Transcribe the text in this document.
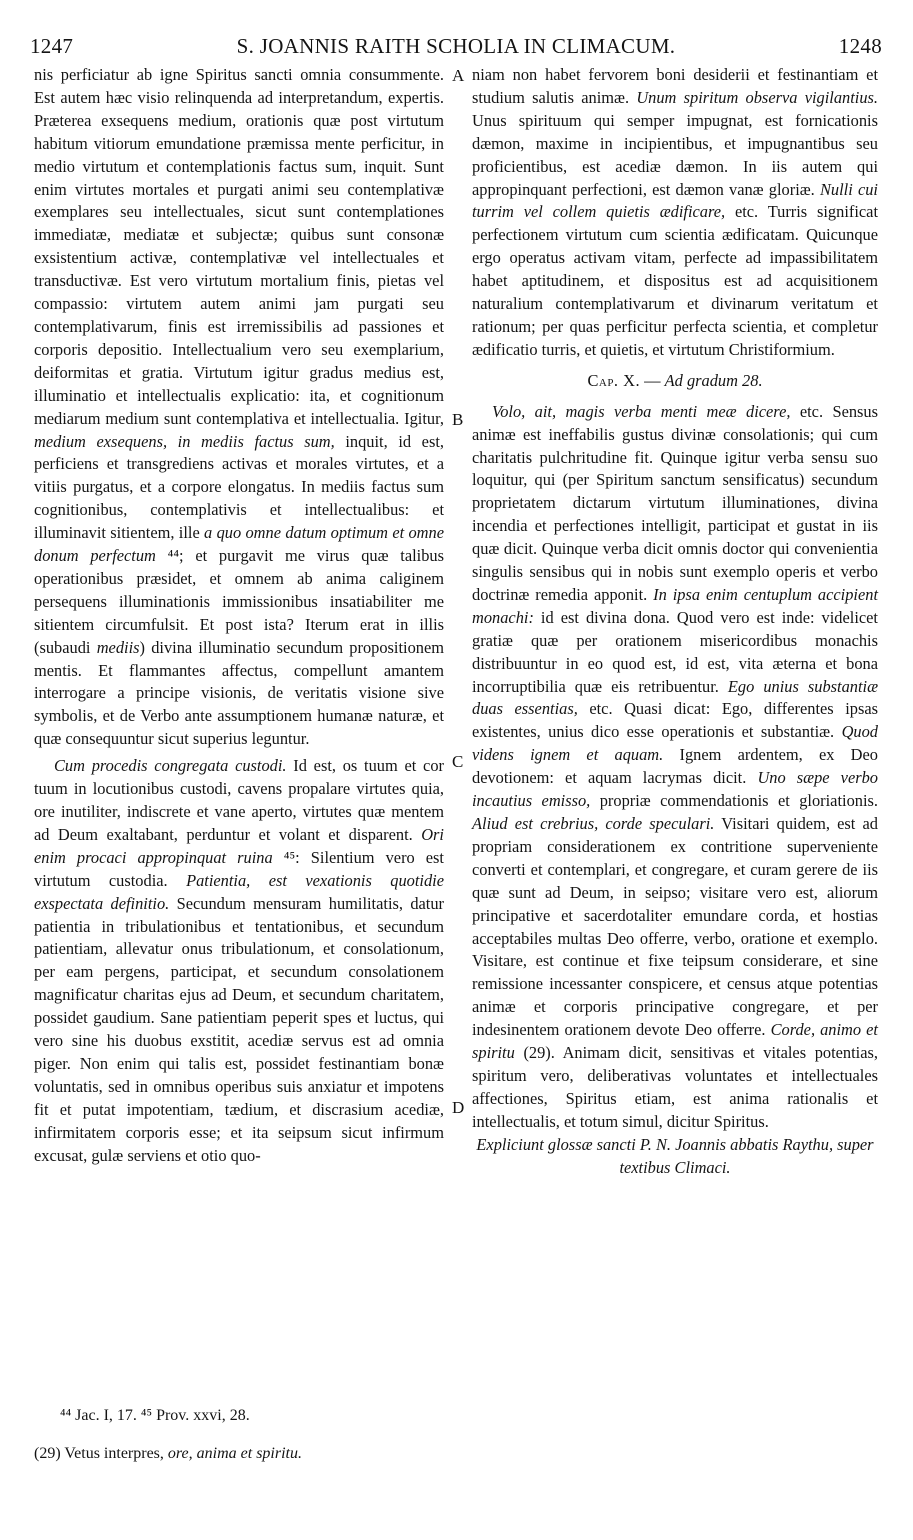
1247	S. JOANNIS RAITH SCHOLIA IN CLIMACUM.	1248
A
B
C
D

nis perficiatur ab igne Spiritus sancti omnia consummente. Est autem hæc visio relinquenda ad interpretandum, expertis. Præterea exsequens medium, orationis quæ post virtutum habitum vitiorum emundatione præmissa mente perficitur, in medio virtutum et contemplationis factus sum, inquit. Sunt enim virtutes mortales et purgati animi seu contemplativæ exemplares seu intellectuales, sicut sunt contemplationes immediatæ, mediatæ et subjectæ; quibus sunt consonæ exsistentium activæ, contemplativæ vel intellectuales et transductivæ. Est vero virtutum mortalium finis, pietas vel compassio: virtutem autem animi jam purgati seu contemplativarum, finis est irremissibilis ad passiones et corporis depositio. Intellectualium vero seu exemplarium, deiformitas et gratia. Virtutum igitur gradus medius est, illuminatio et intellectualis explicatio: ita, et cognitionum mediarum medium sunt contemplativa et intellectualia. Igitur, medium exsequens, in mediis factus sum, inquit, id est, perficiens et transgrediens activas et morales virtutes, et a vitiis purgatus, et a corpore elongatus. In mediis factus sum cognitionibus, contemplativis et intellectualibus: et illuminavit sitientem, ille a quo omne datum optimum et omne donum perfectum ⁴⁴; et purgavit me virus quæ talibus operationibus præsidet, et omnem ab anima caliginem persequens illuminationis immissionibus insatiabiliter me sitientem circumfulsit. Et post ista? Iterum erat in illis (subaudi mediis) divina illuminatio secundum propositionem mentis. Et flammantes affectus, compellunt amantem interrogare a principe visionis, de veritatis visione sive symbolis, et de Verbo ante assumptionem humanæ naturæ, et quæ consequuntur sicut superius leguntur.

Cum procedis congregata custodi. Id est, os tuum et cor tuum in locutionibus custodi, cavens propalare virtutes quia, ore inutiliter, indiscrete et vane aperto, virtutes quæ mentem ad Deum exaltabant, perduntur et volant et disparent. Ori enim procaci appropinquat ruina ⁴⁵: Silentium vero est virtutum custodia. Patientia, est vexationis quotidie exspectata definitio. Secundum mensuram humilitatis, datur patientia in tribulationibus et tentationibus, et secundum patientiam, allevatur onus tribulationum, et consolationum, per eam pergens, participat, et secundum consolationem magnificatur charitas ejus ad Deum, et secundum charitatem, possidet gaudium. Sane patientiam peperit spes et luctus, qui vero sine his duobus exstitit, acediæ servus est ad omnia piger. Non enim qui talis est, possidet festinantiam bonæ voluntatis, sed in omnibus operibus suis anxiatur et impotens fit et putat impotentiam, tædium, et discrasium acediæ, infirmitatem corporis esse; et ita seipsum sicut infirmum excusat, gulæ serviens et otio quo-

niam non habet fervorem boni desiderii et festinantiam et studium salutis animæ. Unum spiritum observa vigilantius. Unus spirituum qui semper impugnat, est fornicationis dæmon, maxime in incipientibus, et impugnantibus seu proficientibus, est acediæ dæmon. In iis autem qui appropinquant perfectioni, est dæmon vanæ gloriæ. Nulli cui turrim vel collem quietis ædificare, etc. Turris significat perfectionem virtutum cum scientia ædificatam. Quicunque ergo operatus activam vitam, perfecte ad impassibilitatem habet aptitudinem, et dispositus est ad acquisitionem naturalium contemplativarum et divinarum veritatum et rationum; per quas perficitur perfecta scientia, et completur ædificatio turris, et quietis, et virtutum Christiformium.

Cap. X. — Ad gradum 28.

Volo, ait, magis verba menti meæ dicere, etc. Sensus animæ est ineffabilis gustus divinæ consolationis; qui cum charitatis pulchritudine fit. Quinque igitur verba sensu suo loquitur, qui (per Spiritum sanctum sensificatus) secundum proprietatem dictarum virtutum illuminationes, divina incendia et perfectiones intelligit, participat et gustat in iis quæ dicit. Quinque verba dicit omnis doctor qui convenientia singulis sensibus qui in nobis sunt exemplo operis et verbo doctrinæ remedia apponit. In ipsa enim centuplum accipient monachi: id est divina dona. Quod vero est inde: videlicet gratiæ quæ per orationem misericordibus monachis distribuuntur in eo quod est, id est, vita æterna et bona incorruptibilia quæ eis retribuentur. Ego unius substantiæ duas essentias, etc. Quasi dicat: Ego, differentes ipsas existentes, unius dico esse operationis et substantiæ. Quod videns ignem et aquam. Ignem ardentem, ex Deo devotionem: et aquam lacrymas dicit. Uno sæpe verbo incautius emisso, propriæ commendationis et gloriationis. Aliud est crebrius, corde speculari. Visitari quidem, est ad propriam considerationem ex contritione superveniente converti et contemplari, et congregare, et curam gerere de iis quæ sunt ad Deum, in seipso; visitare vero est, aliorum principative et sacerdotaliter emundare corda, et hostias acceptabiles multas Deo offerre, verbo, oratione et exemplo. Visitare, est continue et fixe teipsum considerare, et sine remissione incessanter conspicere, et census atque potentias animæ et corporis principative congregare, et per indesinentem orationem devote Deo offerre. Corde, animo et spiritu (29). Animam dicit, sensitivas et vitales potentias, spiritum vero, deliberativas voluntates et intellectuales affectiones, Spiritus etiam, est anima rationalis et intellectualis, et totum simul, dicitur Spiritus.

Expliciunt glossæ sancti P. N. Joannis abbatis Raythu, super textibus Climaci.

⁴⁴ Jac. I, 17. ⁴⁵ Prov. xxvi, 28.
(29) Vetus interpres, ore, anima et spiritu.
